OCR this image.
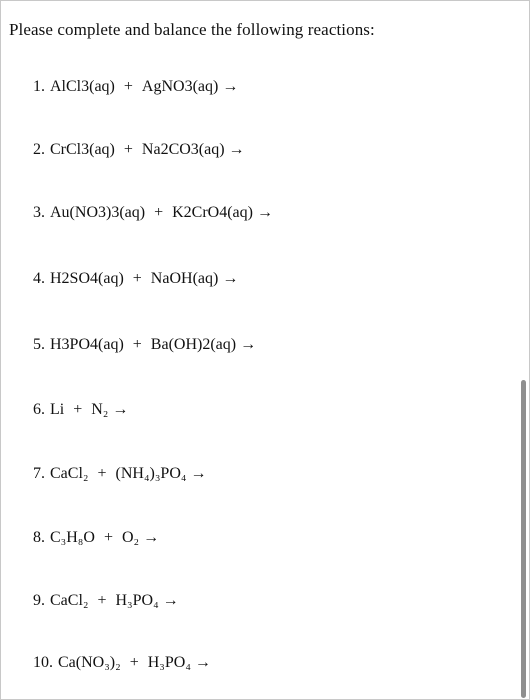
Please complete and balance the following reactions:
1. AlCl3(aq) + AgNO3(aq) →
2. CrCl3(aq) + Na2CO3(aq) →
3. Au(NO3)3(aq) + K2CrO4(aq) →
4. H2SO4(aq) + NaOH(aq) →
5. H3PO4(aq) + Ba(OH)2(aq) →
6. Li + N₂ →
7. CaCl₂ + (NH₄)₃PO₄ →
8. C₃H₈O + O₂ →
9. CaCl₂ + H₃PO₄ →
10. Ca(NO₃)₂ + H₃PO₄ →
